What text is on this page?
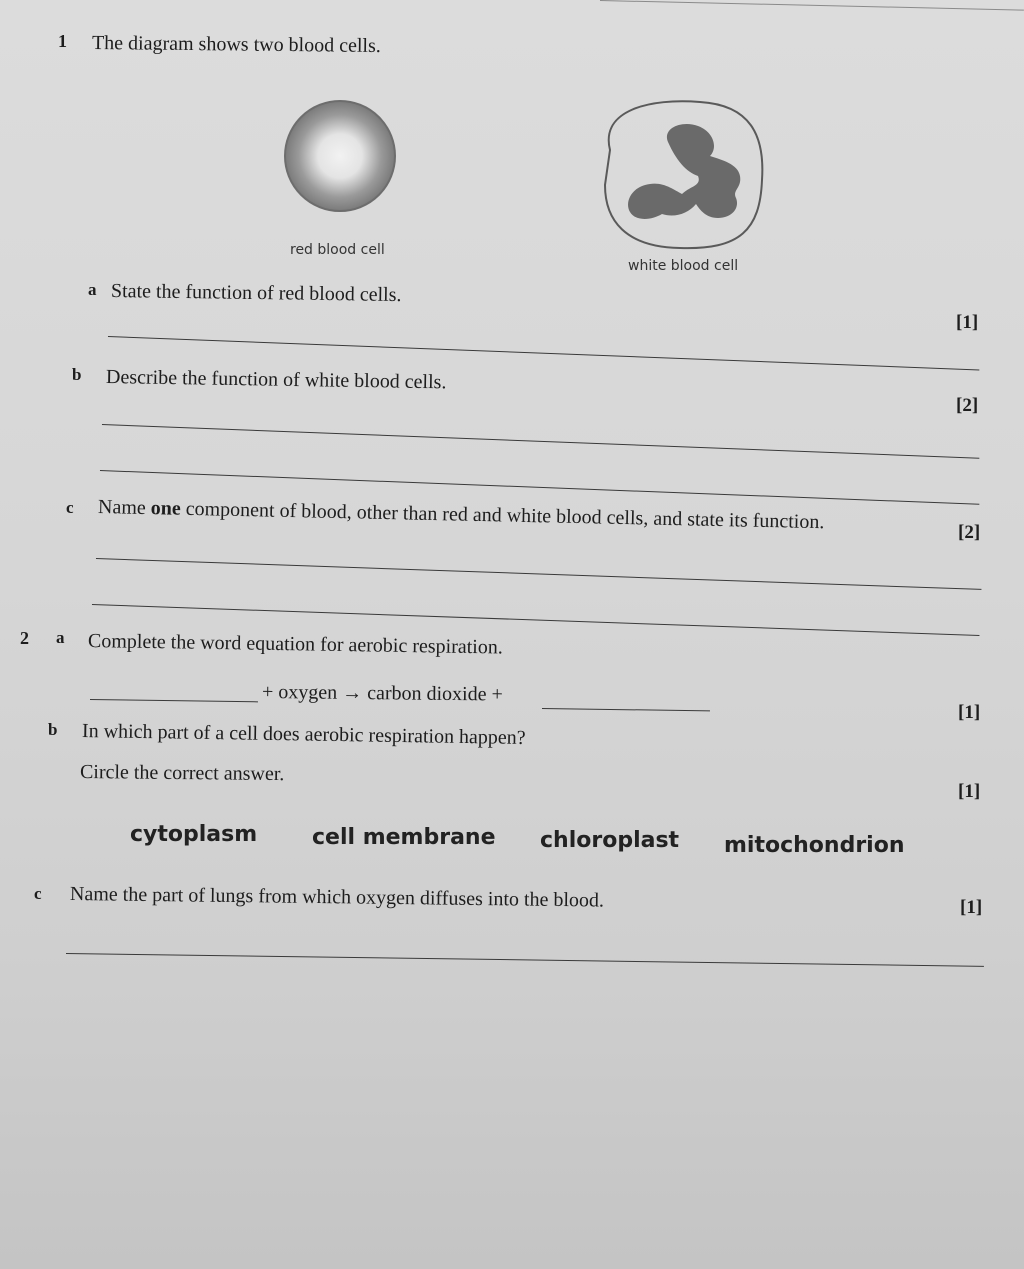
1 The diagram shows two blood cells.
red blood cell
white blood cell
a State the function of red blood cells.
[1]
b Describe the function of white blood cells.
[2]
c Name one component of blood, other than red and white blood cells, and state its function.	[2]
2 a Complete the word equation for aerobic respiration.
+ oxygen → carbon dioxide +
[1]
b In which part of a cell does aerobic respiration happen?
Circle the correct answer.
[1]
cytoplasm cell membrane chloroplast mitochondrion
c Name the part of lungs from which oxygen diffuses into the blood.	[1]
